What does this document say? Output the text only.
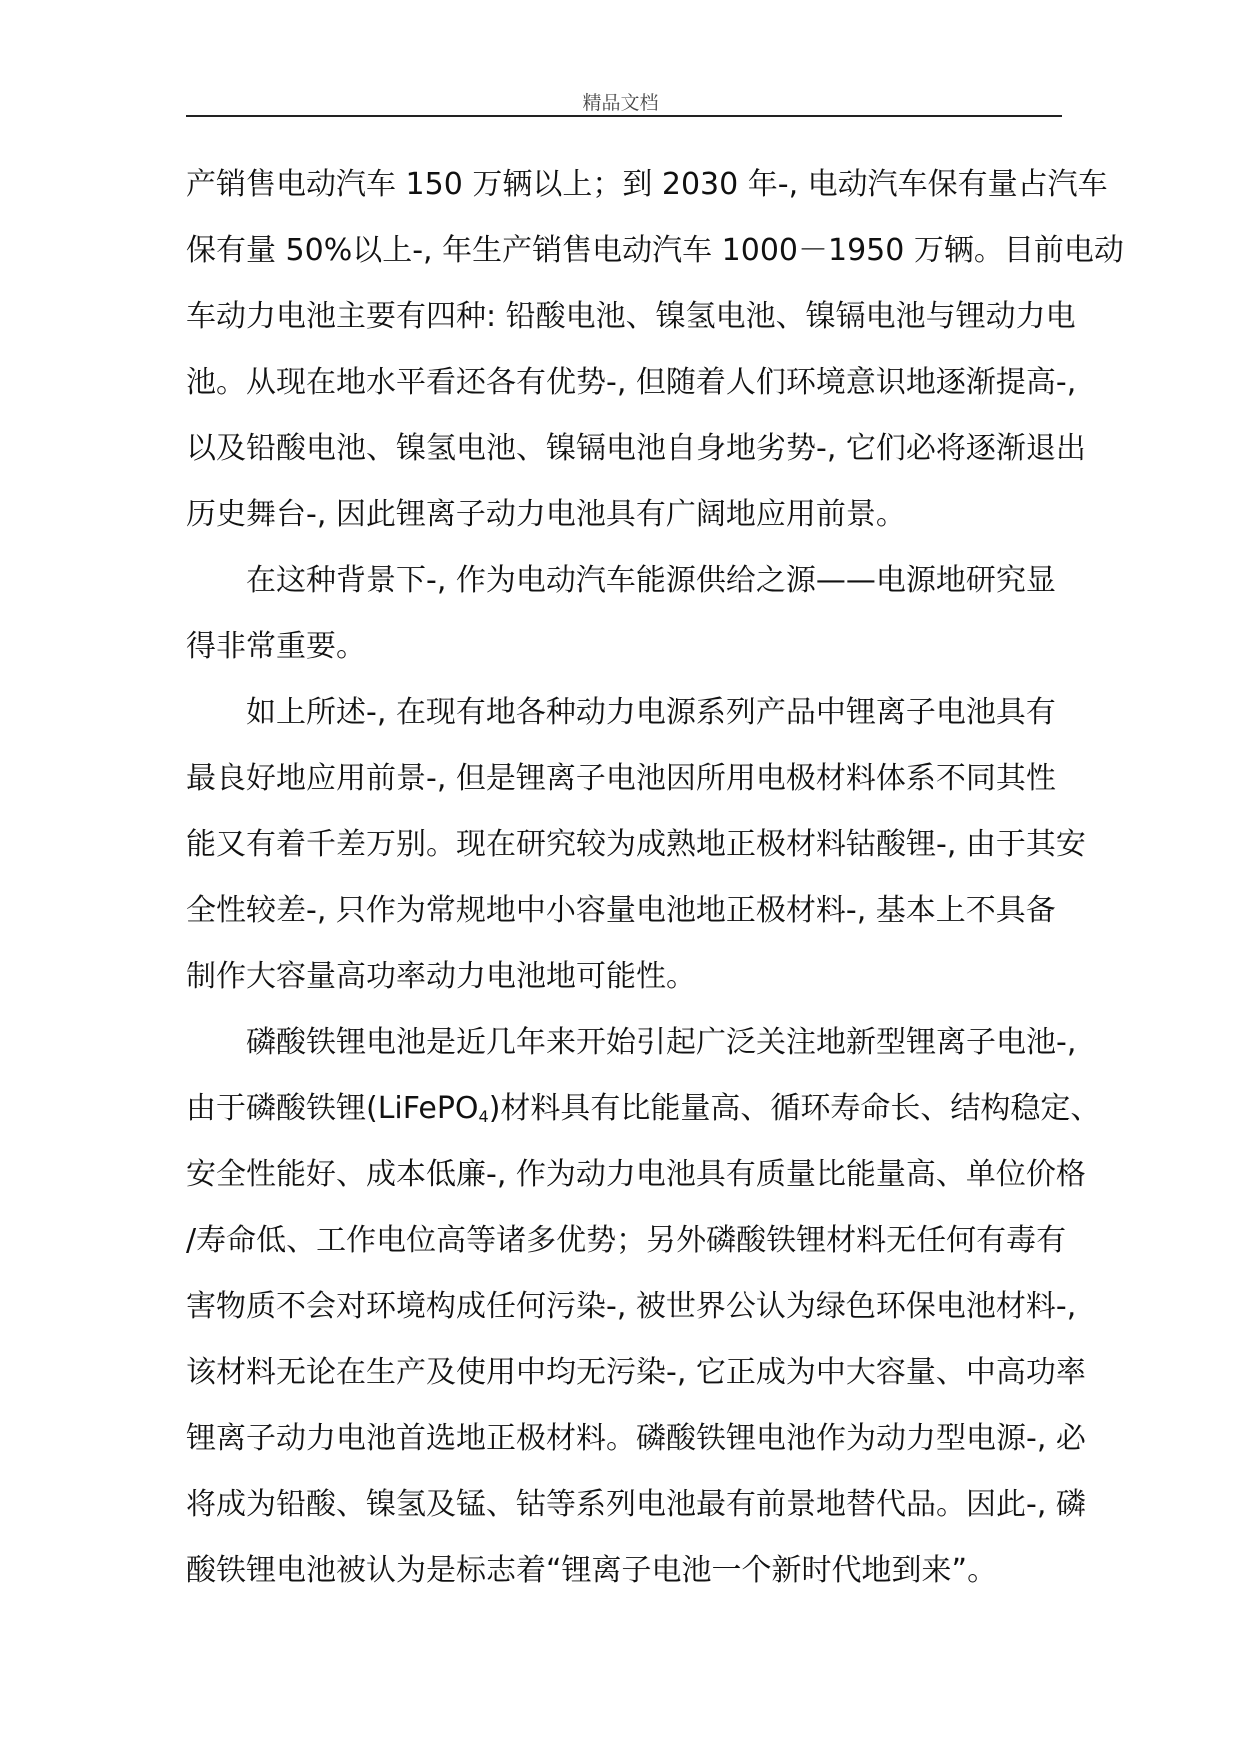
精品文档

产销售电动汽车 150 万辆以上；到 2030 年-, 电动汽车保有量占汽车
保有量 50%以上-, 年生产销售电动汽车 1000－1950 万辆。目前电动
车动力电池主要有四种: 铅酸电池、镍氢电池、镍镉电池与锂动力电
池。从现在地水平看还各有优势-, 但随着人们环境意识地逐渐提高-,
以及铅酸电池、镍氢电池、镍镉电池自身地劣势-, 它们必将逐渐退出
历史舞台-, 因此锂离子动力电池具有广阔地应用前景。

在这种背景下-, 作为电动汽车能源供给之源——电源地研究显
得非常重要。

如上所述-, 在现有地各种动力电源系列产品中锂离子电池具有
最良好地应用前景-, 但是锂离子电池因所用电极材料体系不同其性
能又有着千差万别。现在研究较为成熟地正极材料钴酸锂-, 由于其安
全性较差-, 只作为常规地中小容量电池地正极材料-, 基本上不具备
制作大容量高功率动力电池地可能性。

磷酸铁锂电池是近几年来开始引起广泛关注地新型锂离子电池-,
由于磷酸铁锂(LiFePO$_4$)材料具有比能量高、循环寿命长、结构稳定、
安全性能好、成本低廉-, 作为动力电池具有质量比能量高、单位价格
/寿命低、工作电位高等诸多优势；另外磷酸铁锂材料无任何有毒有
害物质不会对环境构成任何污染-, 被世界公认为绿色环保电池材料-,
该材料无论在生产及使用中均无污染-, 它正成为中大容量、中高功率
锂离子动力电池首选地正极材料。磷酸铁锂电池作为动力型电源-, 必
将成为铅酸、镍氢及锰、钴等系列电池最有前景地替代品。因此-, 磷
酸铁锂电池被认为是标志着“锂离子电池一个新时代地到来”。
